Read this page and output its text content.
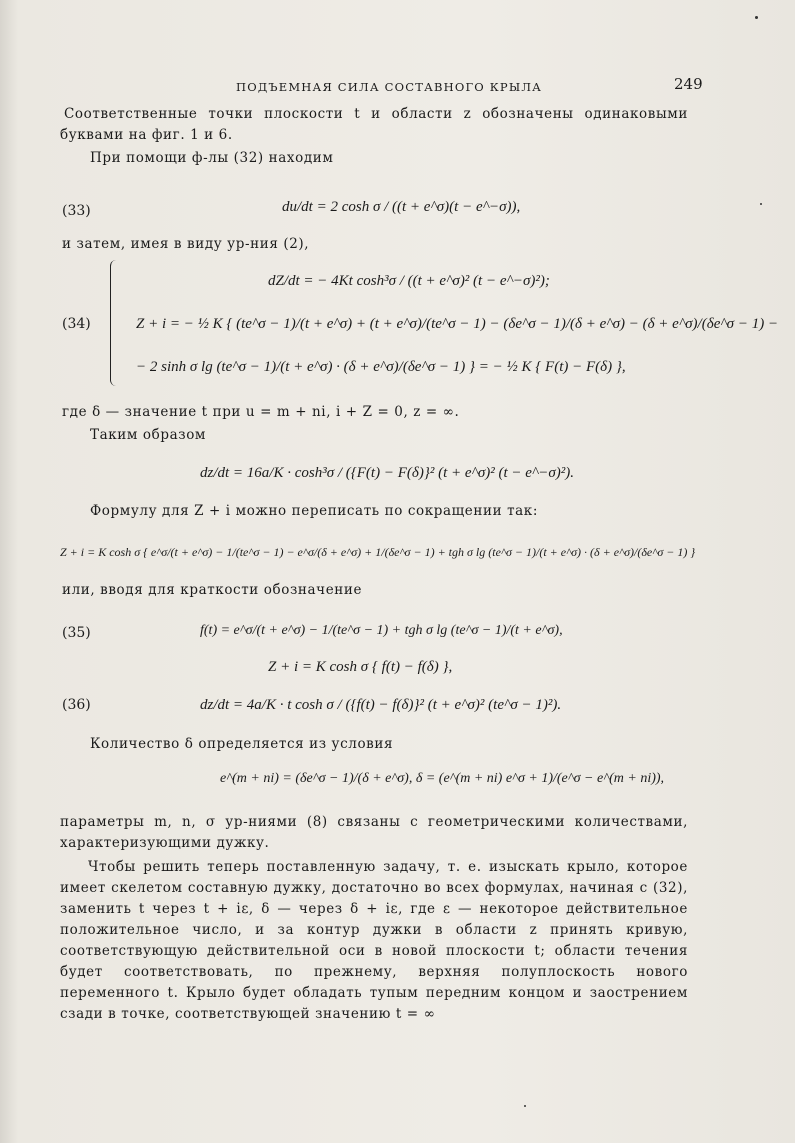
ПОДЪЕМНАЯ СИЛА СОСТАВНОГО КРЫЛА	249
Соответственные точки плоскости t и области z обозначены одинаковыми буквами на фиг. 1 и 6.
При помощи ф-лы (32) находим
(33)	du/dt = 2 cosh σ / ((t + e^σ)(t − e^−σ)),
и затем, имея в виду ур-ния (2),
(34)
dZ/dt = − 4Kt cosh³σ / ((t + e^σ)² (t − e^−σ)²);
Z + i = − ½ K { (te^σ − 1)/(t + e^σ) + (t + e^σ)/(te^σ − 1) − (δe^σ − 1)/(δ + e^σ) − (δ + e^σ)/(δe^σ − 1) −
− 2 sinh σ lg (te^σ − 1)/(t + e^σ) · (δ + e^σ)/(δe^σ − 1) } = − ½ K { F(t) − F(δ) },
где δ — значение t при u = m + ni, i + Z = 0, z = ∞.
Таким образом
dz/dt = 16a/K · cosh³σ / ({F(t) − F(δ)}² (t + e^σ)² (t − e^−σ)²).
Формулу для Z + i можно переписать по сокращении так:
Z + i = K cosh σ { e^σ/(t + e^σ) − 1/(te^σ − 1) − e^σ/(δ + e^σ) + 1/(δe^σ − 1) + tgh σ lg (te^σ − 1)/(t + e^σ) · (δ + e^σ)/(δe^σ − 1) }
или, вводя для краткости обозначение
(35)	f(t) = e^σ/(t + e^σ) − 1/(te^σ − 1) + tgh σ lg (te^σ − 1)/(t + e^σ),
Z + i = K cosh σ { f(t) − f(δ) },
(36)	dz/dt = 4a/K · t cosh σ / ({f(t) − f(δ)}² (t + e^σ)² (te^σ − 1)²).
Количество δ определяется из условия
e^(m + ni) = (δe^σ − 1)/(δ + e^σ), δ = (e^(m + ni) e^σ + 1)/(e^σ − e^(m + ni)),
параметры m, n, σ ур-ниями (8) связаны с геометрическими количествами, характеризующими дужку.
Чтобы решить теперь поставленную задачу, т. е. изыскать крыло, которое имеет скелетом составную дужку, достаточно во всех формулах, начиная с (32), заменить t через t + iε, δ — через δ + iε, где ε — некоторое действительное положительное число, и за контур дужки в области z принять кривую, соответствующую действительной оси в новой плоскости t; области течения будет соответствовать, по прежнему, верхняя полуплоскость нового переменного t. Крыло будет обладать тупым передним концом и заострением сзади в точке, соответствующей значению t = ∞
